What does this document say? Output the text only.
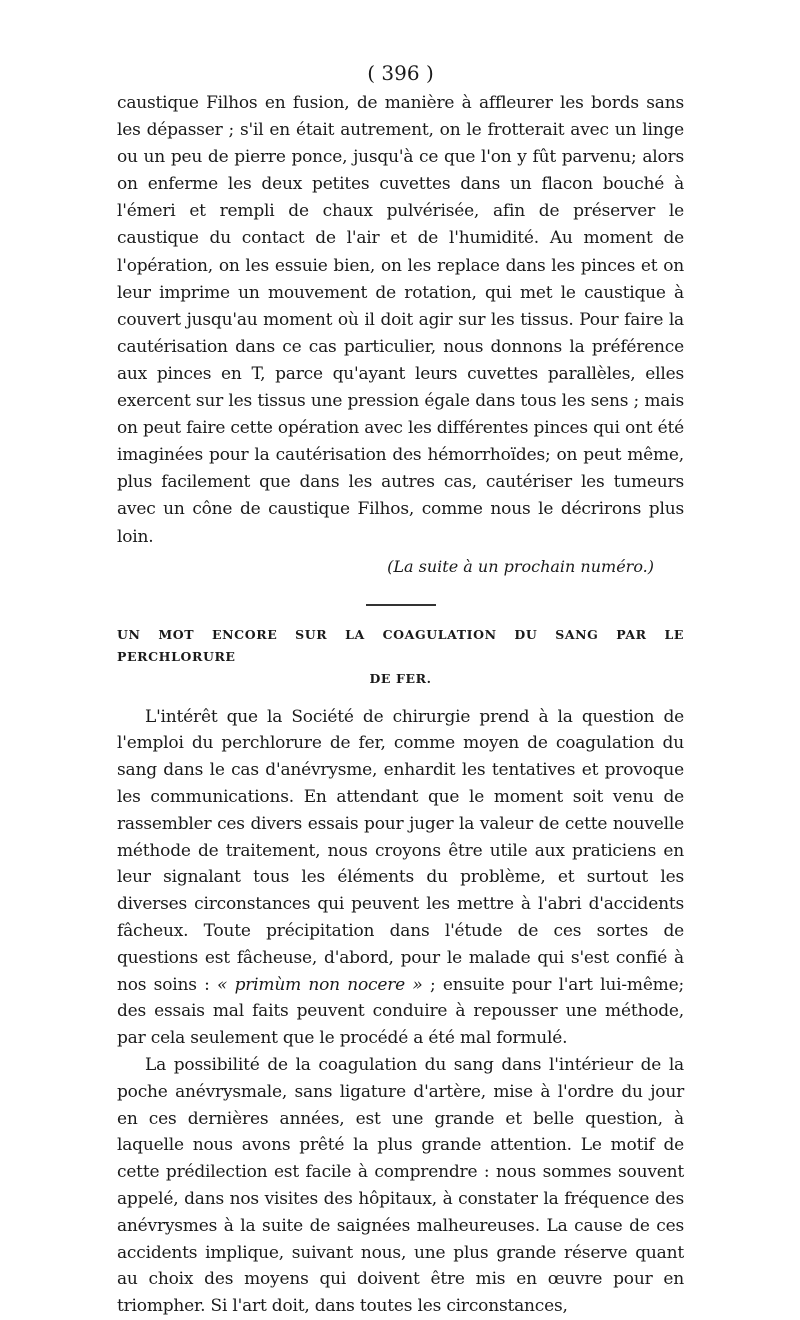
( 396 )

caustique Filhos en fusion, de manière à affleurer les bords sans les dépasser ; s'il en était autrement, on le frotterait avec un linge ou un peu de pierre ponce, jusqu'à ce que l'on y fût parvenu; alors on enferme les deux petites cuvettes dans un flacon bouché à l'émeri et rempli de chaux pulvérisée, afin de préserver le caustique du contact de l'air et de l'humidité. Au moment de l'opération, on les essuie bien, on les replace dans les pinces et on leur imprime un mouvement de rotation, qui met le caustique à couvert jusqu'au moment où il doit agir sur les tissus. Pour faire la cautérisation dans ce cas particulier, nous donnons la préférence aux pinces en T, parce qu'ayant leurs cuvettes parallèles, elles exercent sur les tissus une pression égale dans tous les sens ; mais on peut faire cette opération avec les différentes pinces qui ont été imaginées pour la cautérisation des hémorrhoïdes; on peut même, plus facilement que dans les autres cas, cautériser les tumeurs avec un cône de caustique Filhos, comme nous le décrirons plus loin.

(La suite à un prochain numéro.)
UN MOT ENCORE SUR LA COAGULATION DU SANG PAR LE PERCHLORURE
DE FER.

L'intérêt que la Société de chirurgie prend à la question de l'emploi du perchlorure de fer, comme moyen de coagulation du sang dans le cas d'anévrysme, enhardit les tentatives et provoque les communications. En attendant que le moment soit venu de rassembler ces divers essais pour juger la valeur de cette nouvelle méthode de traitement, nous croyons être utile aux praticiens en leur signalant tous les éléments du problème, et surtout les diverses circonstances qui peuvent les mettre à l'abri d'accidents fâcheux. Toute précipitation dans l'étude de ces sortes de questions est fâcheuse, d'abord, pour le malade qui s'est confié à nos soins : « primùm non nocere » ; ensuite pour l'art lui-même; des essais mal faits peuvent conduire à repousser une méthode, par cela seulement que le procédé a été mal formulé.

La possibilité de la coagulation du sang dans l'intérieur de la poche anévrysmale, sans ligature d'artère, mise à l'ordre du jour en ces dernières années, est une grande et belle question, à laquelle nous avons prêté la plus grande attention. Le motif de cette prédilection est facile à comprendre : nous sommes souvent appelé, dans nos visites des hôpitaux, à constater la fréquence des anévrysmes à la suite de saignées malheureuses. La cause de ces accidents implique, suivant nous, une plus grande réserve quant au choix des moyens qui doivent être mis en œuvre pour en triompher. Si l'art doit, dans toutes les circonstances,
